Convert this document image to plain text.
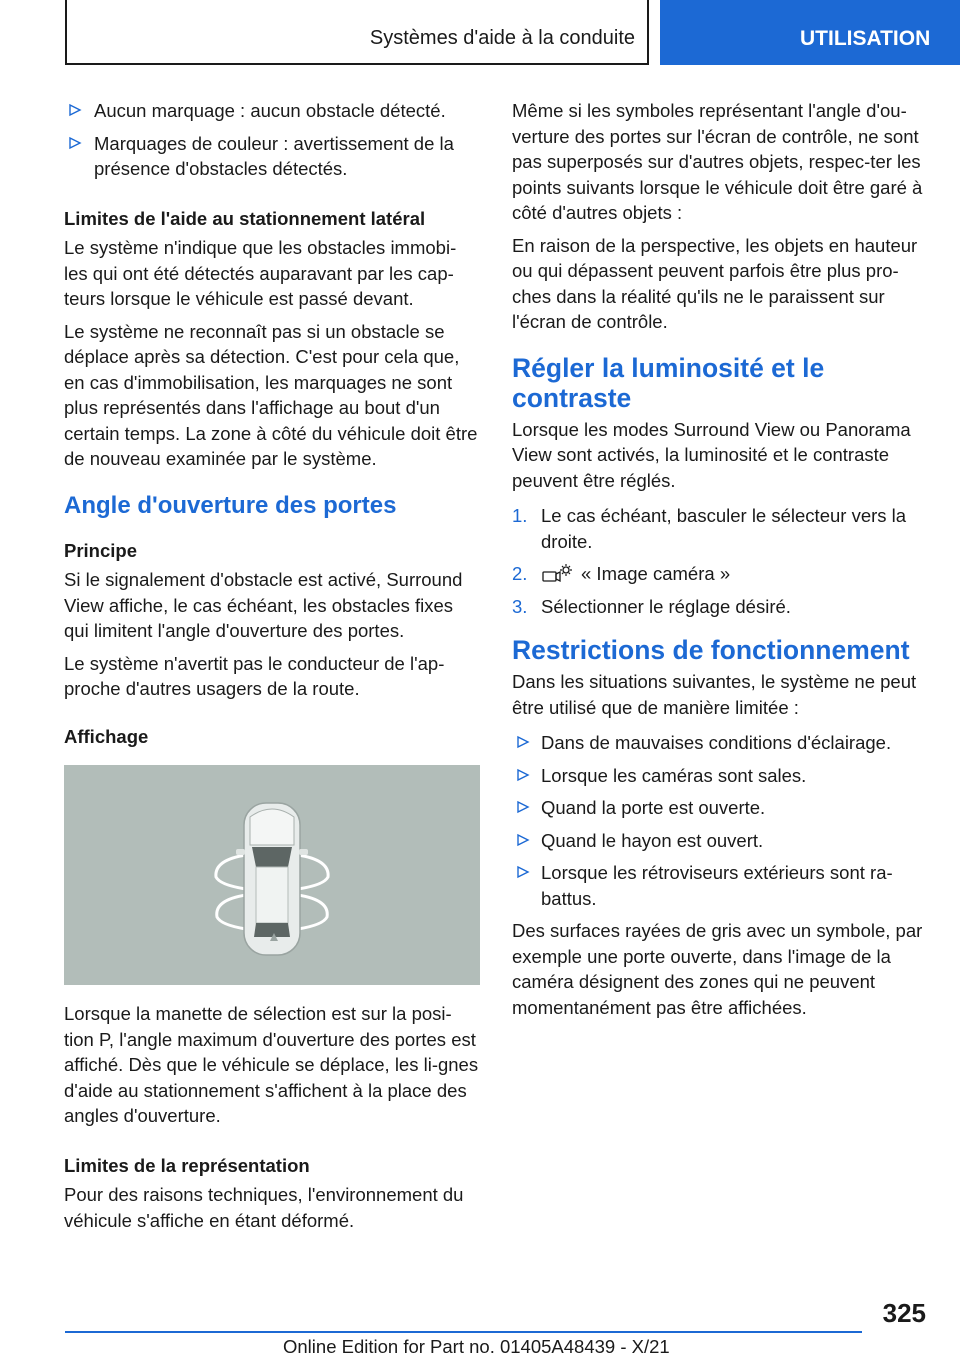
Systèmes d'aide à la conduite	UTILISATION
Aucun marquage : aucun obstacle détecté.
Marquages de couleur : avertissement de la présence d'obstacles détectés.
Limites de l'aide au stationnement latéral

Le système n'indique que les obstacles immobi-les qui ont été détectés auparavant par les cap-teurs lorsque le véhicule est passé devant.

Le système ne reconnaît pas si un obstacle se déplace après sa détection. C'est pour cela que, en cas d'immobilisation, les marquages ne sont plus représentés dans l'affichage au bout d'un certain temps. La zone à côté du véhicule doit être de nouveau examinée par le système.

Angle d'ouverture des portes
Principe

Si le signalement d'obstacle est activé, Surround View affiche, le cas échéant, les obstacles fixes qui limitent l'angle d'ouverture des portes.

Le système n'avertit pas le conducteur de l'ap-proche d'autres usagers de la route.

Affichage

Lorsque la manette de sélection est sur la posi-tion P, l'angle maximum d'ouverture des portes est affiché. Dès que le véhicule se déplace, les li-gnes d'aide au stationnement s'affichent à la place des angles d'ouverture.

Limites de la représentation

Pour des raisons techniques, l'environnement du véhicule s'affiche en étant déformé.

Même si les symboles représentant l'angle d'ou-verture des portes sur l'écran de contrôle, ne sont pas superposés sur d'autres objets, respec-ter les points suivants lorsque le véhicule doit être garé à côté d'autres objets :

En raison de la perspective, les objets en hauteur ou qui dépassent peuvent parfois être plus pro-ches dans la réalité qu'ils ne le paraissent sur l'écran de contrôle.

Régler la luminosité et le contraste

Lorsque les modes Surround View ou Panorama View sont activés, la luminosité et le contraste peuvent être réglés.

1. Le cas échéant, basculer le sélecteur vers la droite.
2.	« Image caméra »
3. Sélectionner le réglage désiré.
Restrictions de fonctionnement

Dans les situations suivantes, le système ne peut être utilisé que de manière limitée :

Dans de mauvaises conditions d'éclairage.
Lorsque les caméras sont sales.
Quand la porte est ouverte.
Quand le hayon est ouvert.
Lorsque les rétroviseurs extérieurs sont ra-battus.

Des surfaces rayées de gris avec un symbole, par exemple une porte ouverte, dans l'image de la caméra désignent des zones qui ne peuvent momentanément pas être affichées.

325
Online Edition for Part no. 01405A48439 - X/21
